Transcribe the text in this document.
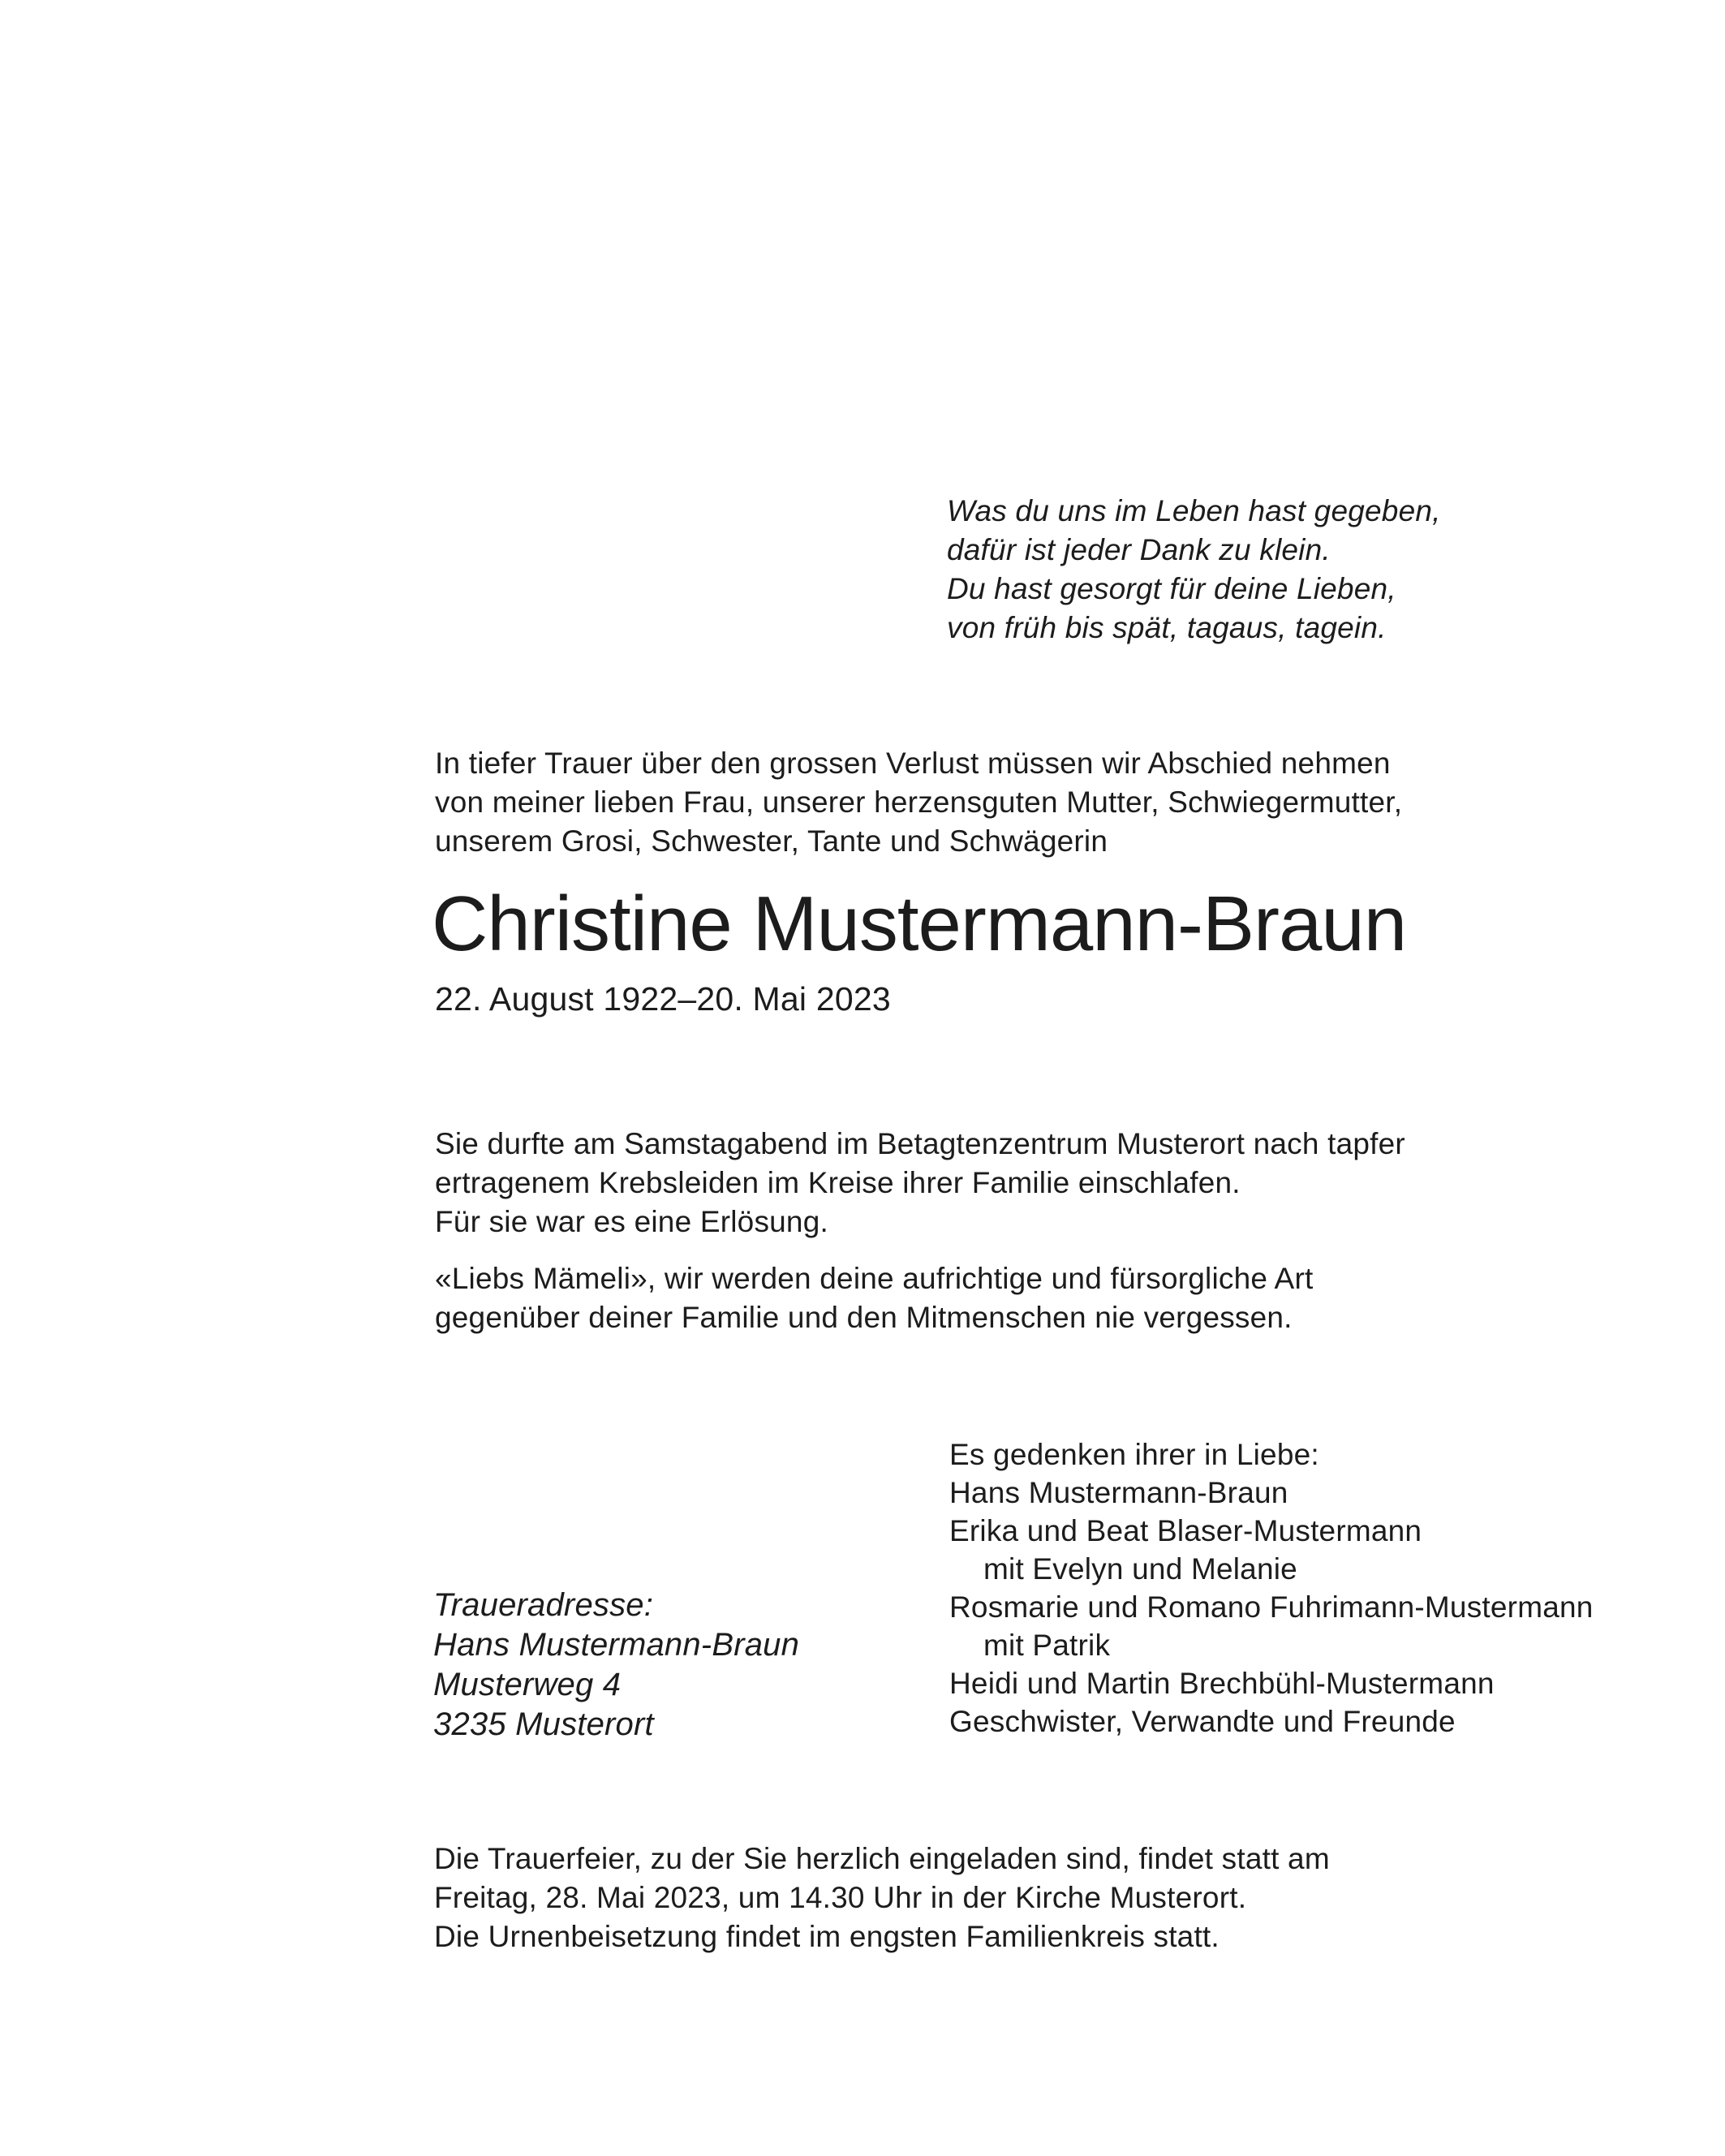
Was du uns im Leben hast gegeben,
dafür ist jeder Dank zu klein.
Du hast gesorgt für deine Lieben,
von früh bis spät, tagaus, tagein.
In tiefer Trauer über den grossen Verlust müssen wir Abschied nehmen
von meiner lieben Frau, unserer herzensguten Mutter, Schwiegermutter,
unserem Grosi, Schwester, Tante und Schwägerin
Christine Mustermann-Braun
22. August 1922–20. Mai 2023
Sie durfte am Samstagabend im Betagtenzentrum Musterort nach tapfer
ertragenem Krebsleiden im Kreise ihrer Familie einschlafen.
Für sie war es eine Erlösung.
«Liebs Mämeli», wir werden deine aufrichtige und fürsorgliche Art
gegenüber deiner Familie und den Mitmenschen nie vergessen.
Es gedenken ihrer in Liebe:
Hans Mustermann-Braun
Erika und Beat Blaser-Mustermann
mit Evelyn und Melanie
Rosmarie und Romano Fuhrimann-Mustermann
mit Patrik
Heidi und Martin Brechbühl-Mustermann
Geschwister, Verwandte und Freunde
Traueradresse:
Hans Mustermann-Braun
Musterweg 4
3235 Musterort
Die Trauerfeier, zu der Sie herzlich eingeladen sind, findet statt am
Freitag, 28. Mai 2023, um 14.30 Uhr in der Kirche Musterort.
Die Urnenbeisetzung findet im engsten Familienkreis statt.
